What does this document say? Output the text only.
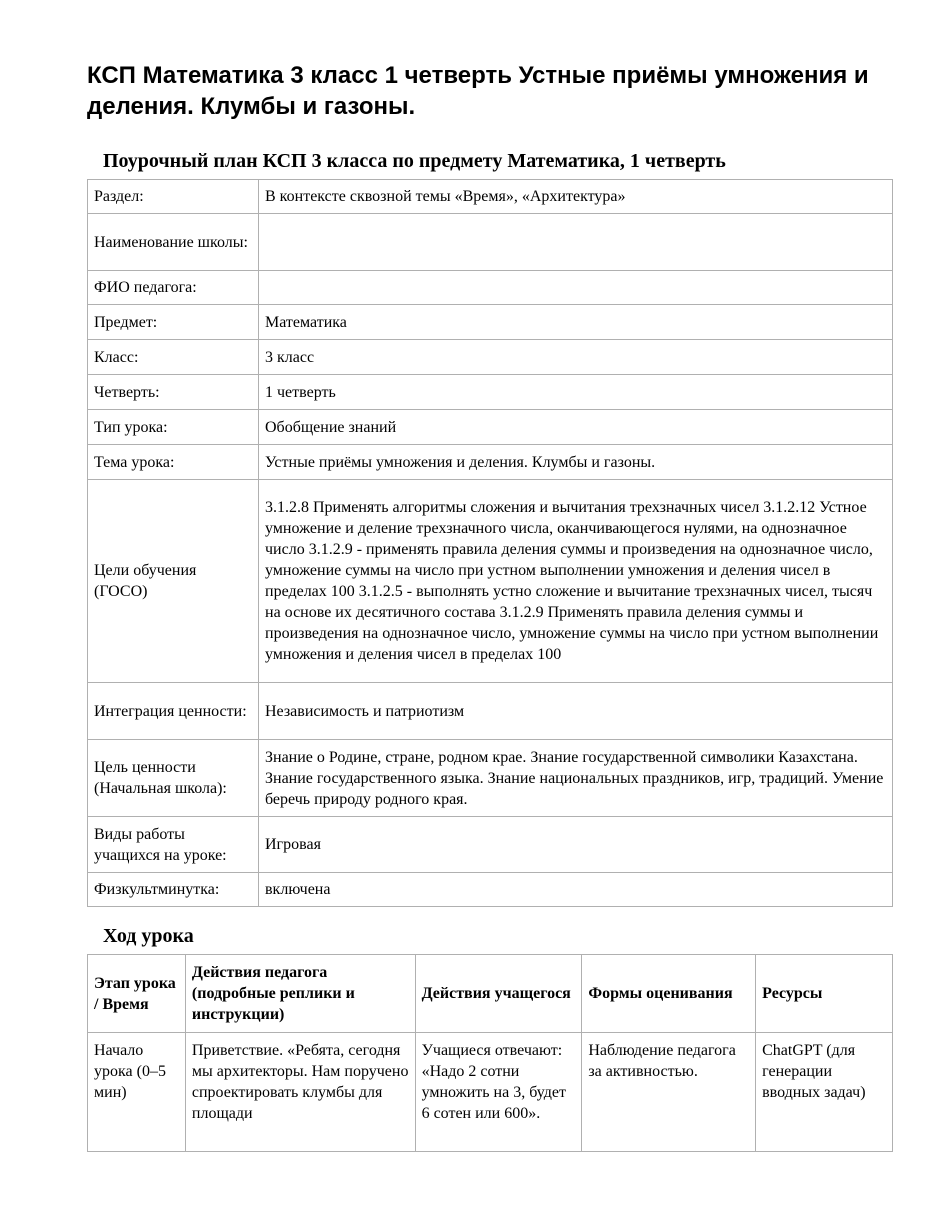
КСП Математика 3 класс 1 четверть Устные приёмы умножения и деления. Клумбы и газоны.
Поурочный план КСП 3 класса по предмету Математика, 1 четверть
Раздел:	В контексте сквозной темы «Время», «Архитектура»
Наименование школы:	
ФИО педагога:	
Предмет:	Математика
Класс:	3 класс
Четверть:	1 четверть
Тип урока:	Обобщение знаний
Тема урока:	Устные приёмы умножения и деления. Клумбы и газоны.
Цели обучения (ГОСО)	3.1.2.8 Применять алгоритмы сложения и вычитания трехзначных чисел 3.1.2.12 Устное умножение и деление трехзначного числа, оканчивающегося нулями, на однозначное число 3.1.2.9 - применять правила деления суммы и произведения на однозначное число, умножение суммы на число при устном выполнении умножения и деления чисел в пределах 100 3.1.2.5 - выполнять устно сложение и вычитание трехзначных чисел, тысяч на основе их десятичного состава 3.1.2.9 Применять правила деления суммы и произведения на однозначное число, умножение суммы на число при устном выполнении умножения и деления чисел в пределах 100
Интеграция ценности:	Независимость и патриотизм
Цель ценности (Начальная школа):	Знание о Родине, стране, родном крае. Знание государственной символики Казахстана. Знание государственного языка. Знание национальных праздников, игр, традиций. Умение беречь природу родного края.
Виды работы учащихся на уроке:	Игровая
Физкультминутка:	включена
Ход урока
Этап урока / Время	Действия педагога (подробные реплики и инструкции)	Действия учащегося	Формы оценивания	Ресурсы
Начало урока (0–5 мин)	Приветствие. «Ребята, сегодня мы архитекторы. Нам поручено спроектировать клумбы для площади	Учащиеся отвечают: «Надо 2 сотни умножить на 3, будет 6 сотен или 600».	Наблюдение педагога за активностью.	ChatGPT (для генерации вводных задач)
